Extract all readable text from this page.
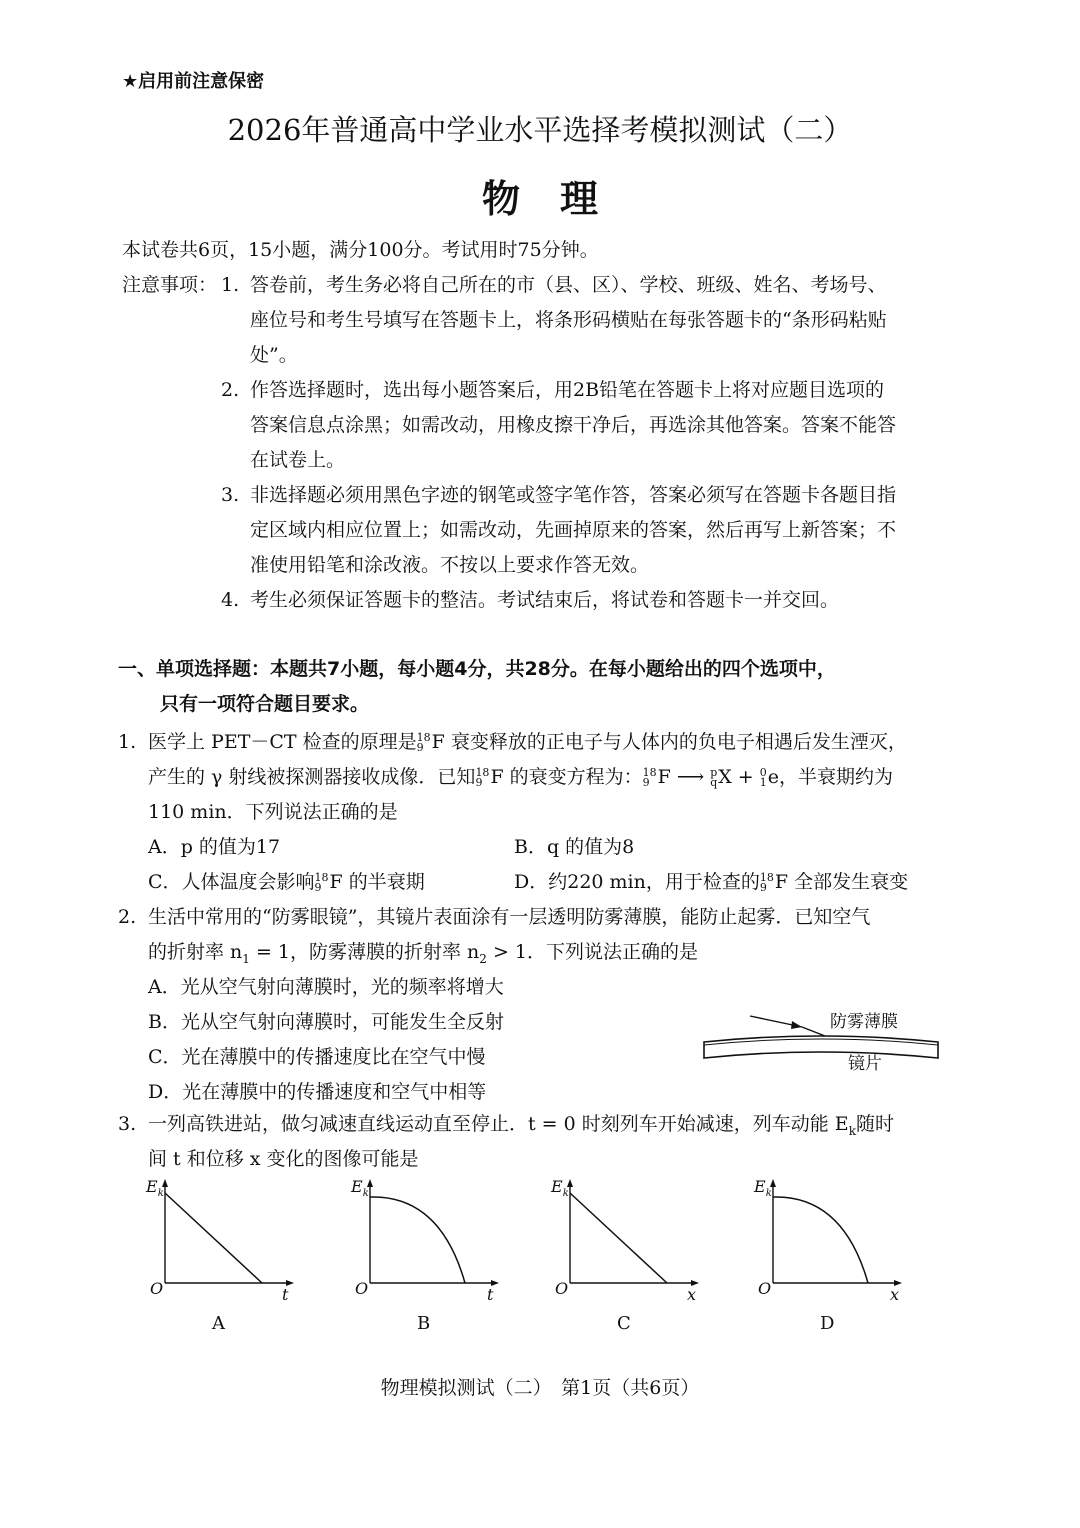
★启用前注意保密
2026年普通高中学业水平选择考模拟测试（二）
物理
本试卷共6页，15小题，满分100分。考试用时75分钟。
注意事项： 1. 答卷前，考生务必将自己所在的市（县、区）、学校、班级、姓名、考场号、
座位号和考生号填写在答题卡上，将条形码横贴在每张答题卡的“条形码粘贴
处”。
2. 作答选择题时，选出每小题答案后，用2B铅笔在答题卡上将对应题目选项的
答案信息点涂黑；如需改动，用橡皮擦干净后，再选涂其他答案。答案不能答
在试卷上。
3. 非选择题必须用黑色字迹的钢笔或签字笔作答，答案必须写在答题卡各题目指
定区域内相应位置上；如需改动，先画掉原来的答案，然后再写上新答案；不
准使用铅笔和涂改液。不按以上要求作答无效。
4. 考生必须保证答题卡的整洁。考试结束后，将试卷和答题卡一并交回。
一、单项选择题：本题共7小题，每小题4分，共28分。在每小题给出的四个选项中，
只有一项符合题目要求。
1. 医学上 PET－CT 检查的原理是 18
9 F 衰变释放的正电子与人体内的负电子相遇后发生湮灭，
产生的 γ 射线被探测器接收成像．已知 18
9 F 的衰变方程为： 18
9 F ⟶ p
q X + 0
1 e，半衰期约为
110 min．下列说法正确的是
A．p 的值为17	B．q 的值为8
C．人体温度会影响 18
9 F 的半衰期	D．约220 min，用于检查的 18
9 F 全部发生衰变
2. 生活中常用的“防雾眼镜”，其镜片表面涂有一层透明防雾薄膜，能防止起雾．已知空气
的折射率 $n_1 = 1$，防雾薄膜的折射率 $n_2 > 1$．下列说法正确的是
A．光从空气射向薄膜时，光的频率将增大
B．光从空气射向薄膜时，可能发生全反射
C．光在薄膜中的传播速度比在空气中慢
D．光在薄膜中的传播速度和空气中相等
防雾薄膜
镜片
3. 一列高铁进站，做匀减速直线运动直至停止．t = 0 时刻列车开始减速，列车动能 $E_k$随时
间 t 和位移 x 变化的图像可能是
$E_k$
O	t
A
$E_k$
O	t
B
$E_k$
O	x
C
$E_k$
O	x
D
物理模拟测试（二）　第1页（共6页）
